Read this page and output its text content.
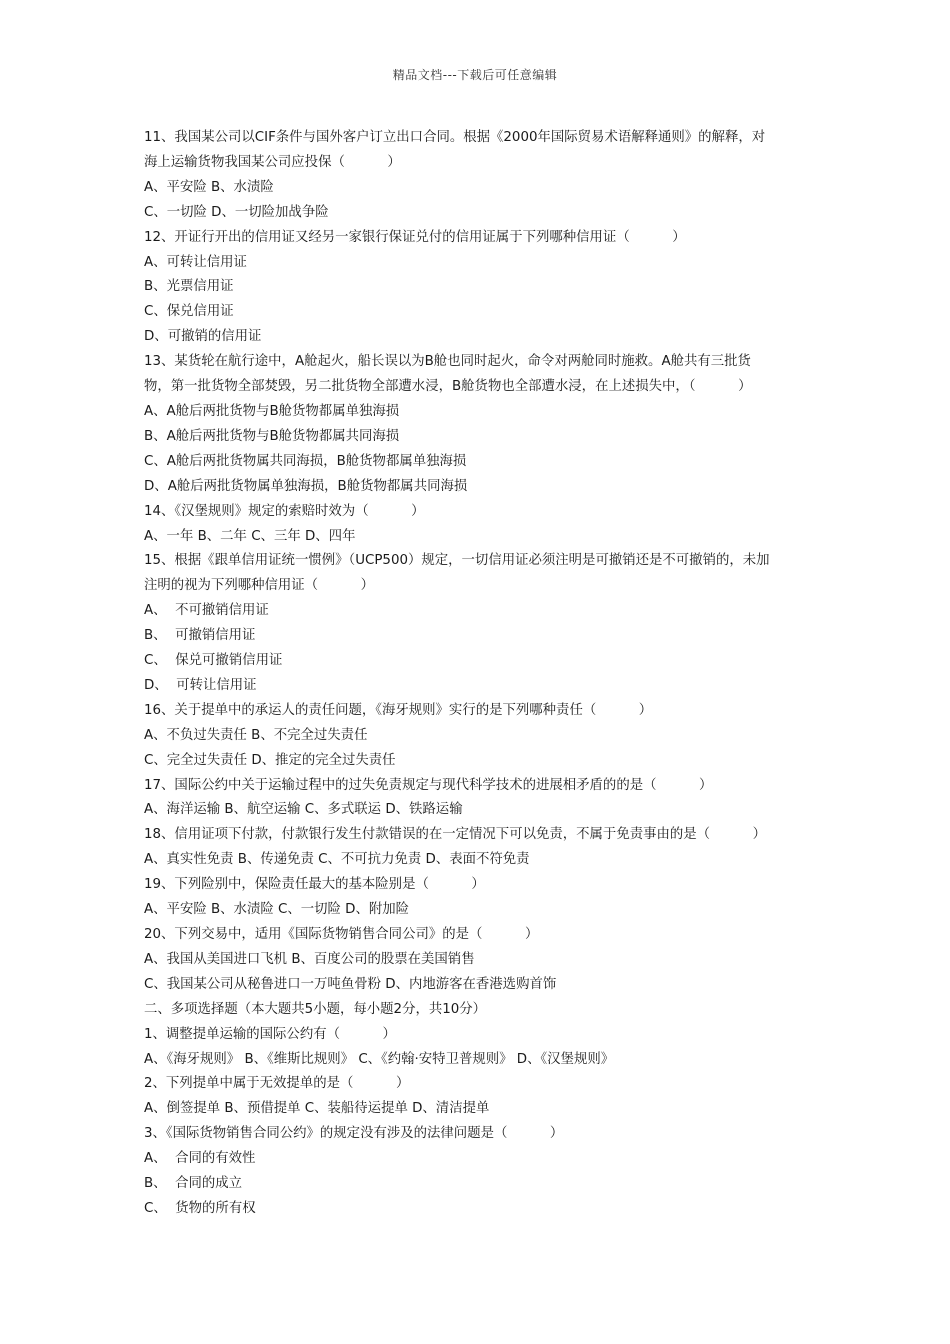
精品文档---下载后可任意编辑
11、我国某公司以CIF条件与国外客户订立出口合同。根据《2000年国际贸易术语解释通则》的解释，对
海上运输货物我国某公司应投保（          ）
A、平安险 B、水渍险
C、一切险 D、一切险加战争险
12、开证行开出的信用证又经另一家银行保证兑付的信用证属于下列哪种信用证（          ）
A、可转让信用证
B、光票信用证
C、保兑信用证
D、可撤销的信用证
13、某货轮在航行途中，A舱起火，船长误以为B舱也同时起火，命令对两舱同时施救。A舱共有三批货
物，第一批货物全部焚毁，另二批货物全部遭水浸，B舱货物也全部遭水浸，在上述损失中，（          ）
A、A舱后两批货物与B舱货物都属单独海损
B、A舱后两批货物与B舱货物都属共同海损
C、A舱后两批货物属共同海损，B舱货物都属单独海损
D、A舱后两批货物属单独海损，B舱货物都属共同海损
14、《汉堡规则》规定的索赔时效为（          ）
A、一年 B、二年 C、三年 D、四年
15、根据《跟单信用证统一惯例》（UCP500）规定，一切信用证必须注明是可撤销还是不可撤销的，未加
注明的视为下列哪种信用证（          ）
A、  不可撤销信用证
B、  可撤销信用证
C、  保兑可撤销信用证
D、  可转让信用证
16、关于提单中的承运人的责任问题，《海牙规则》实行的是下列哪种责任（          ）
A、不负过失责任 B、不完全过失责任
C、完全过失责任 D、推定的完全过失责任
17、国际公约中关于运输过程中的过失免责规定与现代科学技术的进展相矛盾的的是（          ）
A、海洋运输 B、航空运输 C、多式联运 D、铁路运输
18、信用证项下付款，付款银行发生付款错误的在一定情况下可以免责，不属于免责事由的是（          ）
A、真实性免责 B、传递免责 C、不可抗力免责 D、表面不符免责
19、下列险别中，保险责任最大的基本险别是（          ）
A、平安险 B、水渍险 C、一切险 D、附加险
20、下列交易中，适用《国际货物销售合同公司》的是（          ）
A、我国从美国进口飞机 B、百度公司的股票在美国销售
C、我国某公司从秘鲁进口一万吨鱼骨粉 D、内地游客在香港选购首饰
二、多项选择题（本大题共5小题，每小题2分，共10分）
1、调整提单运输的国际公约有（          ）
A、《海牙规则》 B、《维斯比规则》 C、《约翰·安特卫普规则》 D、《汉堡规则》
2、下列提单中属于无效提单的是（          ）
A、倒签提单 B、预借提单 C、装船待运提单 D、清洁提单
3、《国际货物销售合同公约》的规定没有涉及的法律问题是（          ）
A、  合同的有效性
B、  合同的成立
C、  货物的所有权
